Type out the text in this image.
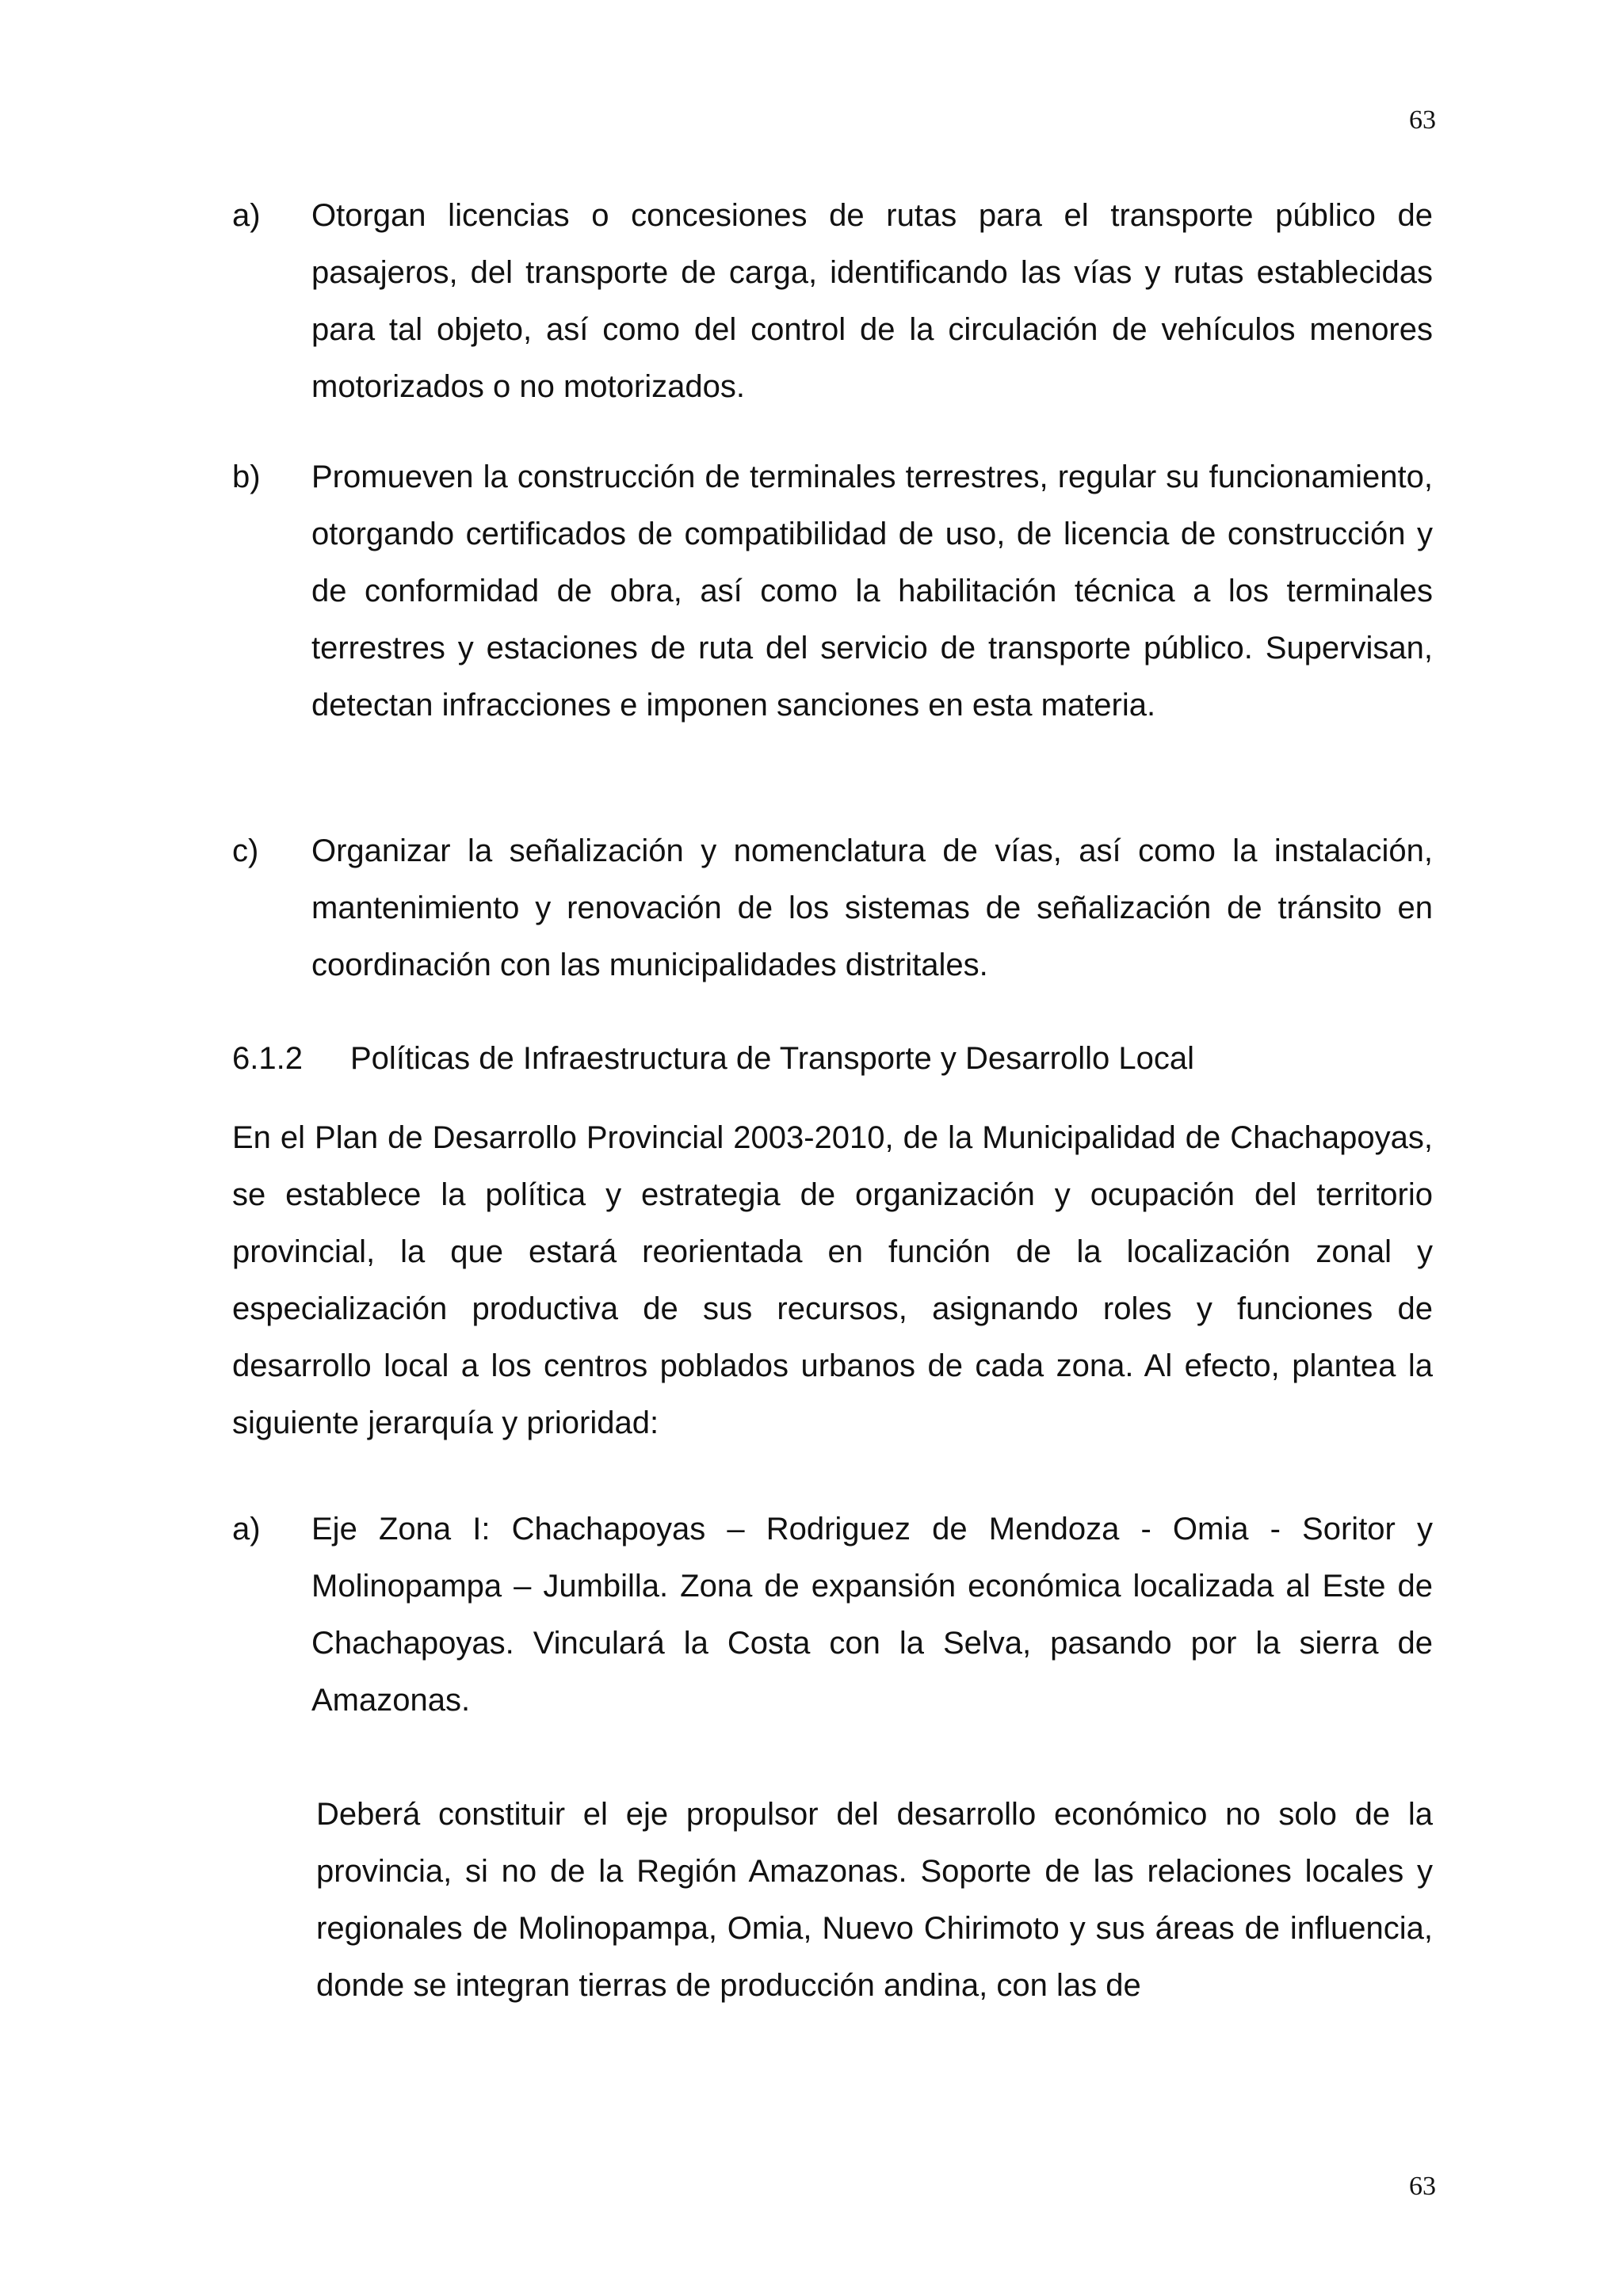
63
a) Otorgan licencias o concesiones de rutas para el transporte público de pasajeros, del transporte de carga, identificando las vías y rutas establecidas para tal objeto, así como del control de la circulación de vehículos menores motorizados o no motorizados.
b) Promueven la construcción de terminales terrestres, regular su funcionamiento, otorgando certificados de compatibilidad de uso, de licencia de construcción y de conformidad de obra, así como la habilitación técnica a los terminales terrestres y estaciones de ruta del servicio de transporte público. Supervisan, detectan infracciones e imponen sanciones en esta materia.
c) Organizar la señalización y nomenclatura de vías, así como la instalación, mantenimiento y renovación de los sistemas de señalización de tránsito en coordinación con las municipalidades distritales.
6.1.2 Políticas de Infraestructura de Transporte y Desarrollo Local
En el Plan de Desarrollo Provincial 2003-2010, de la Municipalidad de Chachapoyas, se establece la política y estrategia de organización y ocupación del territorio provincial, la que estará reorientada en función de la localización zonal y especialización productiva de sus recursos, asignando roles y funciones de desarrollo local a los centros poblados urbanos de cada zona. Al efecto, plantea la siguiente jerarquía y prioridad:
a) Eje Zona I: Chachapoyas – Rodriguez de Mendoza - Omia - Soritor y Molinopampa – Jumbilla. Zona de expansión económica localizada al Este de Chachapoyas. Vinculará la Costa con la Selva, pasando por la sierra de Amazonas.
Deberá constituir el eje propulsor del desarrollo económico no solo de la provincia, si no de la Región Amazonas. Soporte de las relaciones locales y regionales de Molinopampa, Omia, Nuevo Chirimoto y sus áreas de influencia, donde se integran tierras de producción andina, con las de
63
